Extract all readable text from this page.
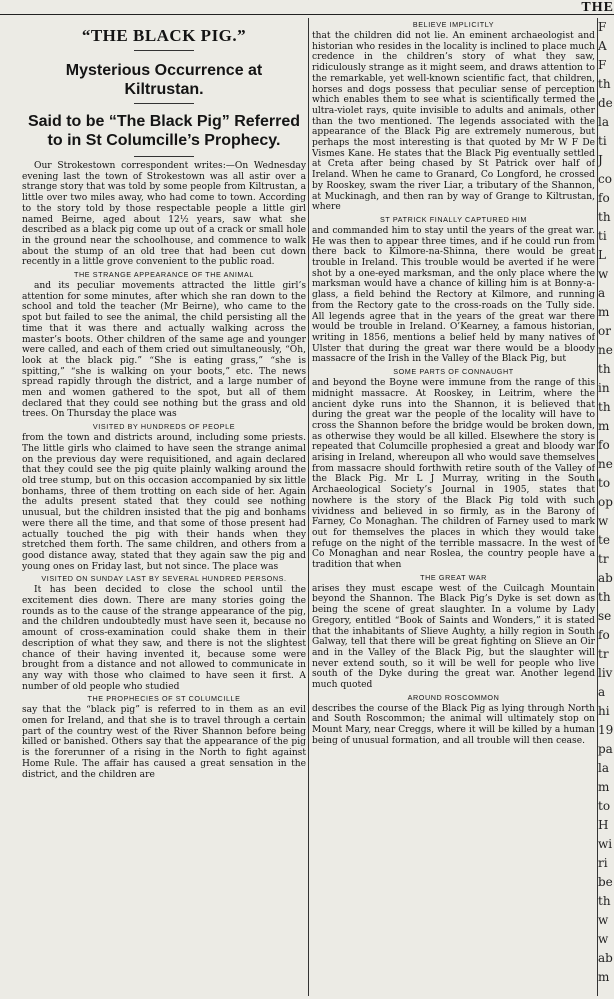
THE
“THE BLACK PIG.”
Mysterious Occurrence at Kiltrustan.
Said to be “The Black Pig” Referred to in St Columcille’s Prophecy.

Our Strokestown correspondent writes:—On Wednesday evening last the town of Strokestown was all astir over a strange story that was told by some people from Kiltrustan, a little over two miles away, who had come to town. According to the story told by those respectable people a little girl named Beirne, aged about 12½ years, saw what she described as a black pig come up out of a crack or small hole in the ground near the schoolhouse, and commence to walk about the stump of an old tree that had been cut down recently in a little grove convenient to the public road.

THE STRANGE APPEARANCE OF THE ANIMAL

and its peculiar movements attracted the little girl’s attention for some minutes, after which she ran down to the school and told the teacher (Mr Beirne), who came to the spot but failed to see the animal, the child persisting all the time that it was there and actually walking across the master’s boots. Other children of the same age and younger were called, and each of them cried out simultaneously, “Oh, look at the black pig.” “She is eating grass,” “she is spitting,” “she is walking on your boots,” etc. The news spread rapidly through the district, and a large number of men and women gathered to the spot, but all of them declared that they could see nothing but the grass and old trees. On Thursday the place was

VISITED BY HUNDREDS OF PEOPLE

from the town and districts around, including some priests. The little girls who claimed to have seen the strange animal on the previous day were requisitioned, and again declared that they could see the pig quite plainly walking around the old tree stump, but on this occasion accompanied by six little bonhams, three of them trotting on each side of her. Again the adults present stated that they could see nothing unusual, but the children insisted that the pig and bonhams were there all the time, and that some of those present had actually touched the pig with their hands when they stretched them forth. The same children, and others from a good distance away, stated that they again saw the pig and young ones on Friday last, but not since. The place was

VISITED ON SUNDAY LAST BY SEVERAL HUNDRED PERSONS.

It has been decided to close the school until the excitement dies down. There are many stories going the rounds as to the cause of the strange appearance of the pig, and the children undoubtedly must have seen it, because no amount of cross-examination could shake them in their description of what they saw, and there is not the slightest chance of their having invented it, because some were brought from a distance and not allowed to communicate in any way with those who claimed to have seen it first. A number of old people who studied

THE PROPHECIES OF ST COLUMCILLE

say that the “black pig” is referred to in them as an evil omen for Ireland, and that she is to travel through a certain part of the country west of the River Shannon before being killed or banished. Others say that the appearance of the pig is the forerunner of a rising in the North to fight against Home Rule. The affair has caused a great sensation in the district, and the children are

BELIEVE IMPLICITLY

that the children did not lie. An eminent archaeologist and historian who resides in the locality is inclined to place much credence in the children’s story of what they saw, ridiculously strange as it might seem, and draws attention to the remarkable, yet well-known scientific fact, that children, horses and dogs possess that peculiar sense of perception which enables them to see what is scientifically termed the ultra-violet rays, quite invisible to adults and animals, other than the two mentioned. The legends associated with the appearance of the Black Pig are extremely numerous, but perhaps the most interesting is that quoted by Mr W F De Vismes Kane. He states that the Black Pig eventually settled at Creta after being chased by St Patrick over half of Ireland. When he came to Granard, Co Longford, he crossed by Rooskey, swam the river Liar, a tributary of the Shannon, at Muckinagh, and then ran by way of Grange to Kiltrustan, where

ST PATRICK FINALLY CAPTURED HIM

and commanded him to stay until the years of the great war. He was then to appear three times, and if he could run from there back to Kilmore-na-Shinna, there would be great trouble in Ireland. This trouble would be averted if he were shot by a one-eyed marksman, and the only place where the marksman would have a chance of killing him is at Bonny-a-glass, a field behind the Rectory at Kilmore, and running from the Rectory gate to the cross-roads on the Tully side. All legends agree that in the years of the great war there would be trouble in Ireland. O’Kearney, a famous historian, writing in 1856, mentions a belief held by many natives of Ulster that during the great war there would be a bloody massacre of the Irish in the Valley of the Black Pig, but

SOME PARTS OF CONNAUGHT

and beyond the Boyne were immune from the range of this midnight massacre. At Rooskey, in Leitrim, where the ancient dyke runs into the Shannon, it is believed that during the great war the people of the locality will have to cross the Shannon before the bridge would be broken down, as otherwise they would be all killed. Elsewhere the story is repeated that Columcille prophesied a great and bloody war arising in Ireland, whereupon all who would save themselves from massacre should forthwith retire south of the Valley of the Black Pig. Mr L J Murray, writing in the South Archaeological Society’s Journal in 1905, states that nowhere is the story of the Black Pig told with such vividness and believed in so firmly, as in the Barony of Farney, Co Monaghan. The children of Farney used to mark out for themselves the places in which they would take refuge on the night of the terrible massacre. In the west of Co Monaghan and near Roslea, the country people have a tradition that when

THE GREAT WAR

arises they must escape west of the Cuilcagh Mountain beyond the Shannon. The Black Pig’s Dyke is set down as being the scene of great slaughter. In a volume by Lady Gregory, entitled “Book of Saints and Wonders,” it is stated that the inhabitants of Slieve Aughty, a hilly region in South Galway, tell that there will be great fighting on Slieve an Oir and in the Valley of the Black Pig, but the slaughter will never extend south, so it will be well for people who live south of the Dyke during the great war. Another legend much quoted

AROUND ROSCOMMON

describes the course of the Black Pig as lying through North and South Roscommon; the animal will ultimately stop on Mount Mary, near Creggs, where it will be killed by a human being of unusual formation, and all trouble will then cease.

F
A
F
th
de
la
ti
J
co
fo
th
ti
L
w
a
m
or
ne
th
in
th
m
fo
ne
to
op
w
te
tr
ab
th
se
fo
tr
liv
a
hi
19
pa
la
m
to
H
wi
ri
be
th
w
w
ab
m
